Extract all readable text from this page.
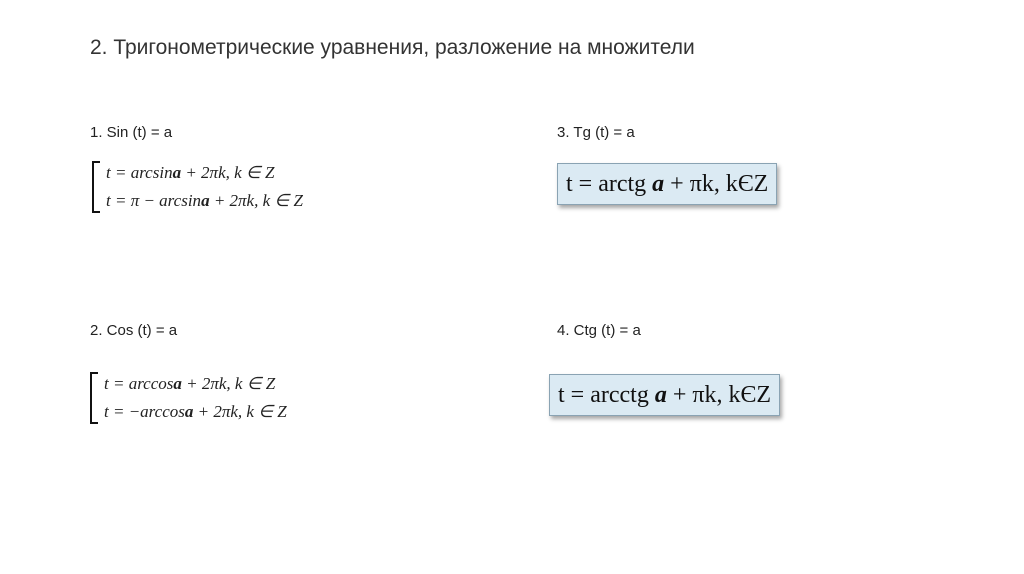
2. Тригонометрические уравнения, разложение на множители
1. Sin (t) = a
t = arcsina + 2πk, k ∈ Z
t = π − arcsina + 2πk, k ∈ Z
2. Cos (t) = a
t = arccosa + 2πk, k ∈ Z
t = −arccosa + 2πk, k ∈ Z
3. Tg (t) = a
t = arctg a + πk, kЄZ
4. Ctg (t) = a
t = arcctg a + πk, kЄZ
